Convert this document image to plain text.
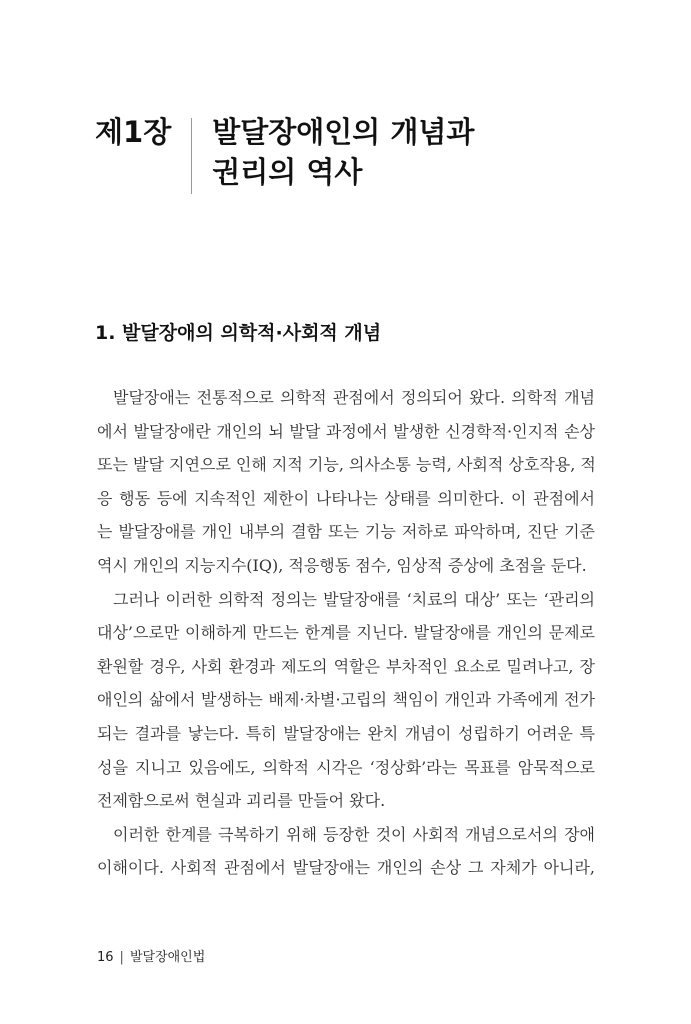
제1장	발달장애인의 개념과
권리의 역사
1. 발달장애의 의학적·사회적 개념
발달장애는 전통적으로 의학적 관점에서 정의되어 왔다. 의학적 개념
에서 발달장애란 개인의 뇌 발달 과정에서 발생한 신경학적·인지적 손상
또는 발달 지연으로 인해 지적 기능, 의사소통 능력, 사회적 상호작용, 적
응 행동 등에 지속적인 제한이 나타나는 상태를 의미한다. 이 관점에서
는 발달장애를 개인 내부의 결함 또는 기능 저하로 파악하며, 진단 기준
역시 개인의 지능지수(IQ), 적응행동 점수, 임상적 증상에 초점을 둔다.
그러나 이러한 의학적 정의는 발달장애를 ‘치료의 대상’ 또는 ‘관리의
대상’으로만 이해하게 만드는 한계를 지닌다. 발달장애를 개인의 문제로
환원할 경우, 사회 환경과 제도의 역할은 부차적인 요소로 밀려나고, 장
애인의 삶에서 발생하는 배제·차별·고립의 책임이 개인과 가족에게 전가
되는 결과를 낳는다. 특히 발달장애는 완치 개념이 성립하기 어려운 특
성을 지니고 있음에도, 의학적 시각은 ‘정상화’라는 목표를 암묵적으로
전제함으로써 현실과 괴리를 만들어 왔다.
이러한 한계를 극복하기 위해 등장한 것이 사회적 개념으로서의 장애
이해이다. 사회적 관점에서 발달장애는 개인의 손상 그 자체가 아니라,
16 | 발달장애인법
